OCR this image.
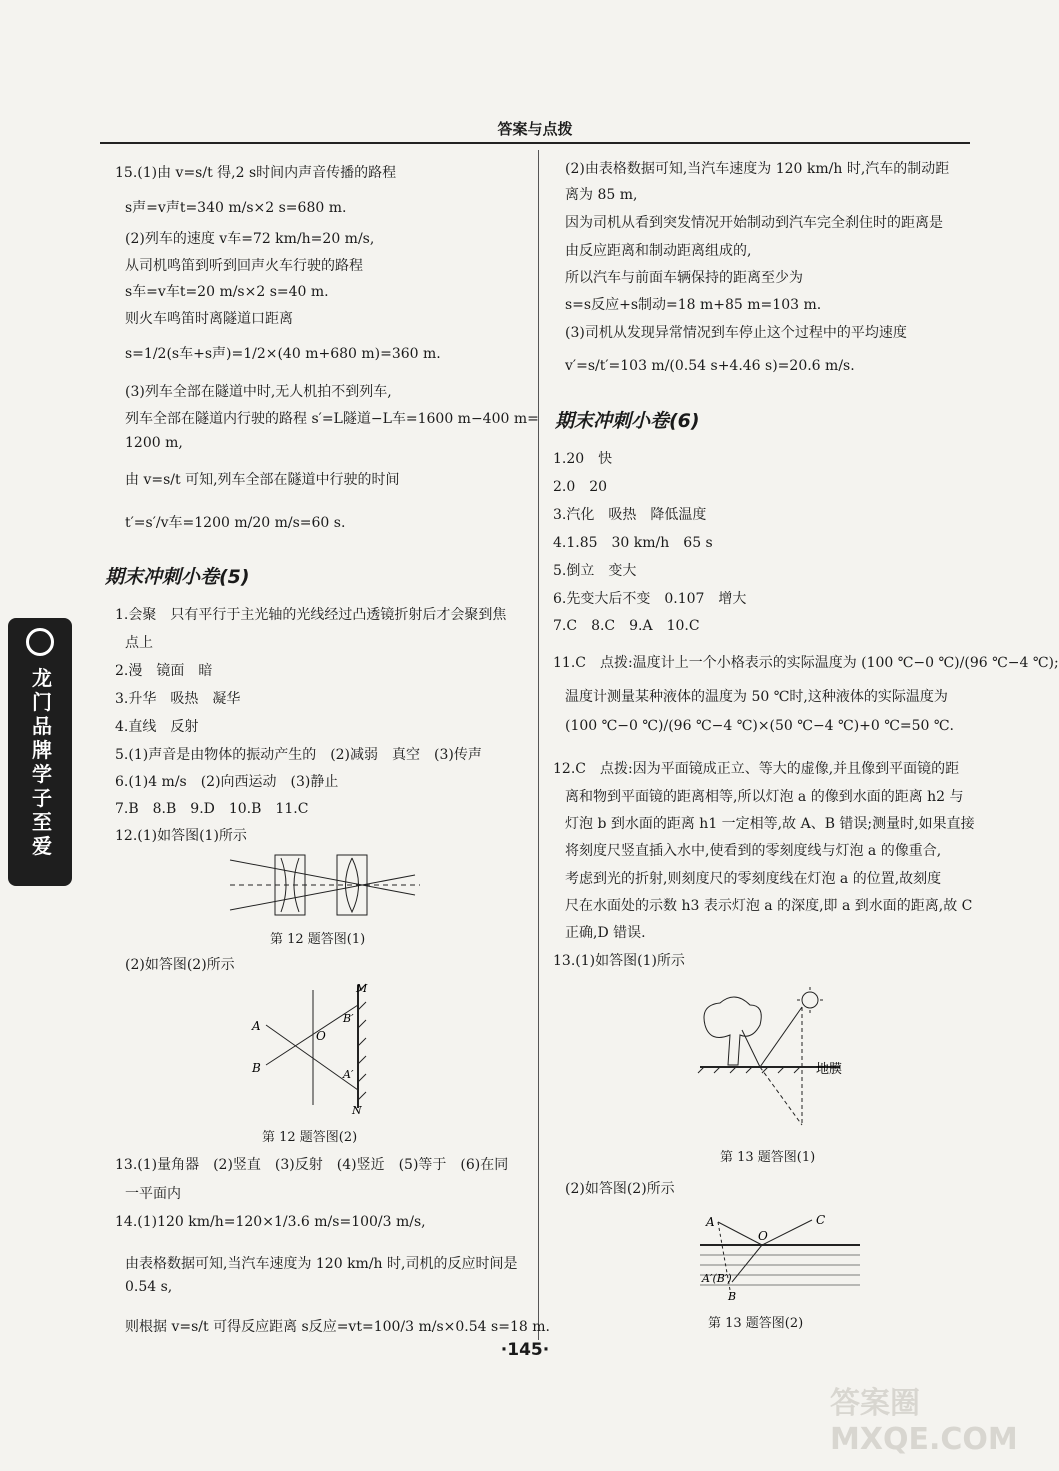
答案与点拨
龙门品牌学子至爱
15.(1)由 v=s/t 得,2 s时间内声音传播的路程
s声=v声t=340 m/s×2 s=680 m.
(2)列车的速度 v车=72 km/h=20 m/s,
从司机鸣笛到听到回声火车行驶的路程
s车=v车t=20 m/s×2 s=40 m.
则火车鸣笛时离隧道口距离
s=1/2(s车+s声)=1/2×(40 m+680 m)=360 m.
(3)列车全部在隧道中时,无人机拍不到列车,
列车全部在隧道内行驶的路程 s′=L隧道−L车=1600 m−400 m=
1200 m,
由 v=s/t 可知,列车全部在隧道中行驶的时间
t′=s′/v车=1200 m/20 m/s=60 s.
期末冲刺小卷(5)
1.会聚　只有平行于主光轴的光线经过凸透镜折射后才会聚到焦
点上
2.漫　镜面　暗
3.升华　吸热　凝华
4.直线　反射
5.(1)声音是由物体的振动产生的　(2)减弱　真空　(3)传声
6.(1)4 m/s　(2)向西运动　(3)静止
7.B　8.B　9.D　10.B　11.C
12.(1)如答图(1)所示
(2)如答图(2)所示
13.(1)量角器　(2)竖直　(3)反射　(4)竖近　(5)等于　(6)在同
一平面内
14.(1)120 km/h=120×1/3.6 m/s=100/3 m/s,
由表格数据可知,当汽车速度为 120 km/h 时,司机的反应时间是
0.54 s,
则根据 v=s/t 可得反应距离 s反应=vt=100/3 m/s×0.54 s=18 m.
第 12 题答图(1)
A
B
O
B′
A′
M
N
第 12 题答图(2)
(2)由表格数据可知,当汽车速度为 120 km/h 时,汽车的制动距
离为 85 m,
因为司机从看到突发情况开始制动到汽车完全刹住时的距离是
由反应距离和制动距离组成的,
所以汽车与前面车辆保持的距离至少为
s=s反应+s制动=18 m+85 m=103 m.
(3)司机从发现异常情况到车停止这个过程中的平均速度
v′=s/t′=103 m/(0.54 s+4.46 s)=20.6 m/s.
期末冲刺小卷(6)
1.20　快
2.0　20
3.汽化　吸热　降低温度
4.1.85　30 km/h　65 s
5.倒立　变大
6.先变大后不变　0.107　增大
7.C　8.C　9.A　10.C
11.C　点拨:温度计上一个小格表示的实际温度为 (100 ℃−0 ℃)/(96 ℃−4 ℃);
温度计测量某种液体的温度为 50 ℃时,这种液体的实际温度为
(100 ℃−0 ℃)/(96 ℃−4 ℃)×(50 ℃−4 ℃)+0 ℃=50 ℃.
12.C　点拨:因为平面镜成正立、等大的虚像,并且像到平面镜的距
离和物到平面镜的距离相等,所以灯泡 a 的像到水面的距离 h2 与
灯泡 b 到水面的距离 h1 一定相等,故 A、B 错误;测量时,如果直接
将刻度尺竖直插入水中,使看到的零刻度线与灯泡 a 的像重合,
考虑到光的折射,则刻度尺的零刻度线在灯泡 a 的位置,故刻度
尺在水面处的示数 h3 表示灯泡 a 的深度,即 a 到水面的距离,故 C
正确,D 错误.
13.(1)如答图(1)所示
(2)如答图(2)所示
地膜
第 13 题答图(1)
A
O
C
A′(B′)
B
第 13 题答图(2)
·145·
答案圈 MXQE.COM
